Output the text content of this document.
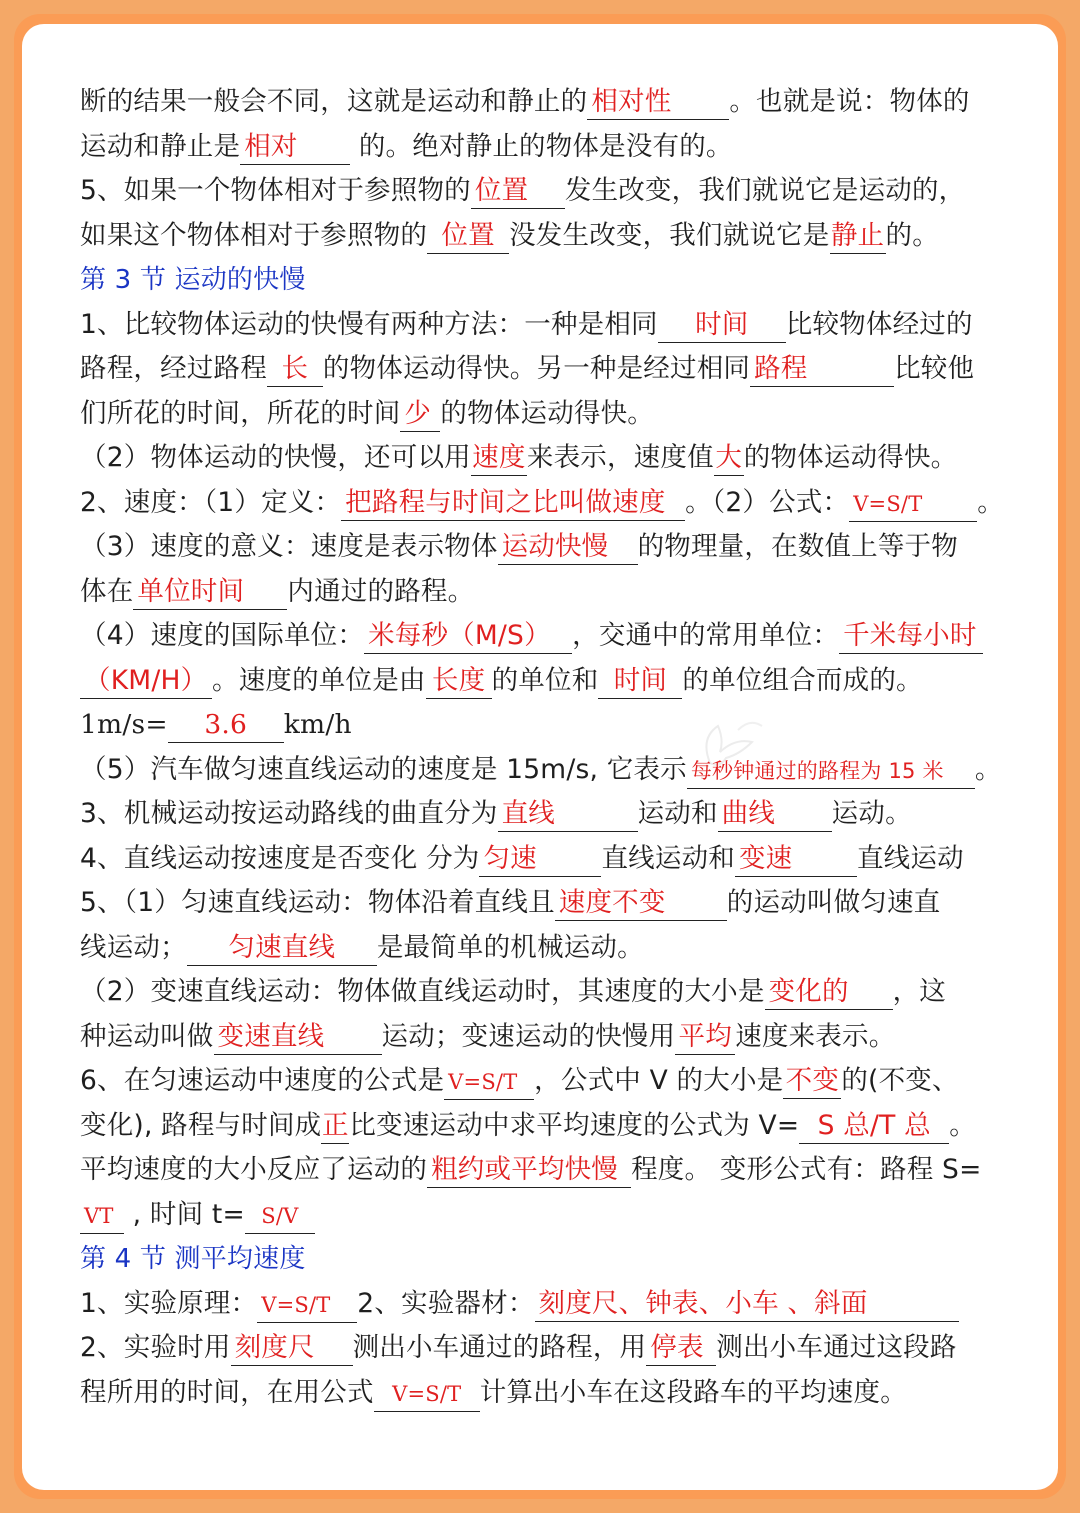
断的结果一般会不同，这就是运动和静止的 相对性 。也就是说：物体的
运动和静止是 相对 的。绝对静止的物体是没有的。
5、如果一个物体相对于参照物的 位置 发生改变，我们就说它是运动的，
如果这个物体相对于参照物的 位置 没发生改变，我们就说它是静止的。
第 3 节 运动的快慢
1、比较物体运动的快慢有两种方法：一种是相同 时间 比较物体经过的
路程，经过路程 长 的物体运动得快。另一种是经过相同 路程	比较他
们所花的时间，所花的时间 少 的物体运动得快。
（2）物体运动的快慢，还可以用速度来表示，速度值大的物体运动得快。
2、速度：（1）定义： 把路程与时间之比叫做速度 。（2）公式： V=S/T 。
（3）速度的意义：速度是表示物体 运动快慢 的物理量，在数值上等于物
体在 单位时间 内通过的路程。
（4）速度的国际单位： 米每秒（M/S） ，交通中的常用单位： 千米每小时
（KM/H） 。速度的单位是由 长度 的单位和 时间 的单位组合而成的。
1m/s= 3.6 km/h
（5）汽车做匀速直线运动的速度是 15m/s, 它表示 每秒钟通过的路程为 15 米 。
3、机械运动按运动路线的曲直分为 直线	运动和 曲线 运动。
4、直线运动按速度是否变化 分为 匀速 直线运动和 变速 直线运动
5、（1）匀速直线运动：物体沿着直线且 速度不变 的运动叫做匀速直
线运动； 匀速直线 是最简单的机械运动。
（2）变速直线运动：物体做直线运动时，其速度的大小是 变化的 ，这
种运动叫做 变速直线 运动；变速运动的快慢用 平均 速度来表示。
6、在匀速运动中速度的公式是 V=S/T ，公式中 V 的大小是不变的(不变、
变化), 路程与时间成正比变速运动中求平均速度的公式为 V= S 总/T 总 。
平均速度的大小反应了运动的 粗约或平均快慢 程度。 变形公式有：路程 S=
VT , 时间 t= S/V
第 4 节 测平均速度
1、实验原理： V=S/T 2、实验器材： 刻度尺、钟表、小车 、斜面
2、实验时用 刻度尺 测出小车通过的路程，用 停表 测出小车通过这段路
程所用的时间，在用公式 V=S/T 计算出小车在这段路车的平均速度。
